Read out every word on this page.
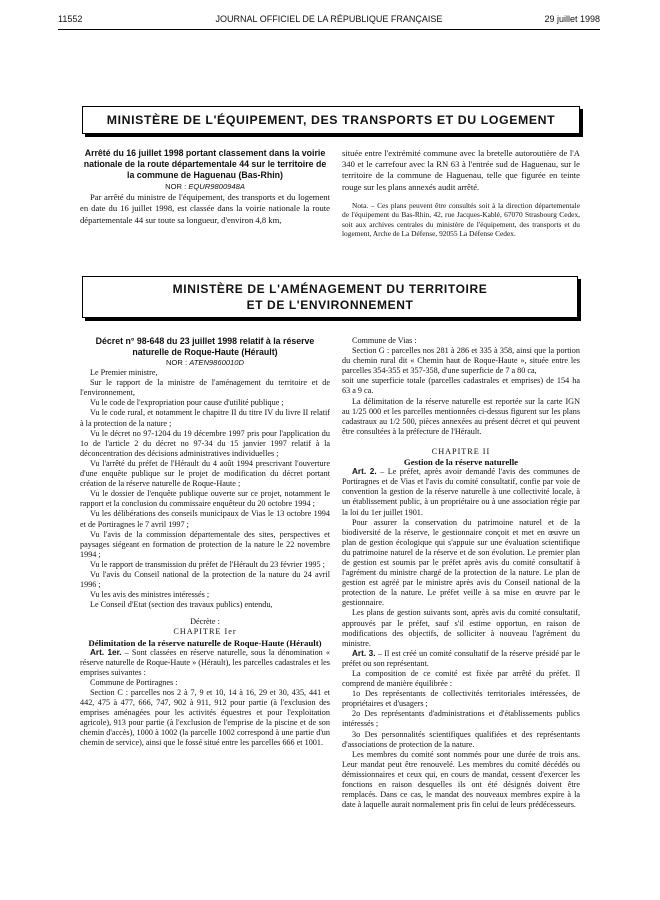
11552	JOURNAL OFFICIEL DE LA RÉPUBLIQUE FRANÇAISE	29 juillet 1998
MINISTÈRE DE L'ÉQUIPEMENT, DES TRANSPORTS ET DU LOGEMENT

Arrêté du 16 juillet 1998 portant classement dans la voirie nationale de la route départementale 44 sur le territoire de la commune de Haguenau (Bas-Rhin)

NOR : EQUR9800948A

Par arrêté du ministre de l'équipement, des transports et du logement en date du 16 juillet 1998, est classée dans la voirie nationale la route départementale 44 sur toute sa longueur, d'environ 4,8 km,

située entre l'extrémité commune avec la bretelle autoroutière de l'A 340 et le carrefour avec la RN 63 à l'entrée sud de Haguenau, sur le territoire de la commune de Haguenau, telle que figurée en teinte rouge sur les plans annexés audit arrêté.

Nota. – Ces plans peuvent être consultés soit à la direction départementale de l'équipement du Bas-Rhin, 42, rue Jacques-Kablé, 67070 Strasbourg Cedex, soit aux archives centrales du ministère de l'équipement, des transports et du logement, Arche de La Défense, 92055 La Défense Cedex.

MINISTÈRE DE L'AMÉNAGEMENT DU TERRITOIRE
ET DE L'ENVIRONNEMENT

Décret n° 98-648 du 23 juillet 1998 relatif à la réserve naturelle de Roque-Haute (Hérault)

NOR : ATEN9860010D

Le Premier ministre,

Sur le rapport de la ministre de l'aménagement du territoire et de l'environnement,

Vu le code de l'expropriation pour cause d'utilité publique ;

Vu le code rural, et notamment le chapitre II du titre IV du livre II relatif à la protection de la nature ;

Vu le décret no 97-1204 du 19 décembre 1997 pris pour l'application du 1o de l'article 2 du décret no 97-34 du 15 janvier 1997 relatif à la déconcentration des décisions administratives individuelles ;

Vu l'arrêté du préfet de l'Hérault du 4 août 1994 prescrivant l'ouverture d'une enquête publique sur le projet de modification du décret portant création de la réserve naturelle de Roque-Haute ;

Vu le dossier de l'enquête publique ouverte sur ce projet, notamment le rapport et la conclusion du commissaire enquêteur du 20 octobre 1994 ;

Vu les délibérations des conseils municipaux de Vias le 13 octobre 1994 et de Portiragnes le 7 avril 1997 ;

Vu l'avis de la commission départementale des sites, perspectives et paysages siégeant en formation de protection de la nature le 22 novembre 1994 ;

Vu le rapport de transmission du préfet de l'Hérault du 23 février 1995 ;

Vu l'avis du Conseil national de la protection de la nature du 24 avril 1996 ;

Vu les avis des ministres intéressés ;

Le Conseil d'Etat (section des travaux publics) entendu,

Décrète :

CHAPITRE Ier

Délimitation de la réserve naturelle de Roque-Haute (Hérault)

Art. 1er. – Sont classées en réserve naturelle, sous la dénomination « réserve naturelle de Roque-Haute » (Hérault), les parcelles cadastrales et les emprises suivantes :

Commune de Portiragnes :

Section C : parcelles nos 2 à 7, 9 et 10, 14 à 16, 29 et 30, 435, 441 et 442, 475 à 477, 666, 747, 902 à 911, 912 pour partie (à l'exclusion des emprises aménagées pour les activités équestres et pour l'exploitation agricole), 913 pour partie (à l'exclusion de l'emprise de la piscine et de son chemin d'accès), 1000 à 1002 (la parcelle 1002 correspond à une partie d'un chemin de service), ainsi que le fossé situé entre les parcelles 666 et 1001.

Commune de Vias :

Section G : parcelles nos 281 à 286 et 335 à 358, ainsi que la portion du chemin rural dit « Chemin haut de Roque-Haute », située entre les parcelles 354-355 et 357-358, d'une superficie de 7 a 80 ca,

soit une superficie totale (parcelles cadastrales et emprises) de 154 ha 63 a 9 ca.

La délimitation de la réserve naturelle est reportée sur la carte IGN au 1/25 000 et les parcelles mentionnées ci-dessus figurent sur les plans cadastraux au 1/2 500, pièces annexées au présent décret et qui peuvent être consultées à la préfecture de l'Hérault.

CHAPITRE II

Gestion de la réserve naturelle

Art. 2. – Le préfet, après avoir demandé l'avis des communes de Portiragnes et de Vias et l'avis du comité consultatif, confie par voie de convention la gestion de la réserve naturelle à une collectivité locale, à un établissement public, à un propriétaire ou à une association régie par la loi du 1er juillet 1901.

Pour assurer la conservation du patrimoine naturel et de la biodiversité de la réserve, le gestionnaire conçoit et met en œuvre un plan de gestion écologique qui s'appuie sur une évaluation scientifique du patrimoine naturel de la réserve et de son évolution. Le premier plan de gestion est soumis par le préfet après avis du comité consultatif à l'agrément du ministre chargé de la protection de la nature. Le plan de gestion est agréé par le ministre après avis du Conseil national de la protection de la nature. Le préfet veille à sa mise en œuvre par le gestionnaire.

Les plans de gestion suivants sont, après avis du comité consultatif, approuvés par le préfet, sauf s'il estime opportun, en raison de modifications des objectifs, de solliciter à nouveau l'agrément du ministre.

Art. 3. – Il est créé un comité consultatif de la réserve présidé par le préfet ou son représentant.

La composition de ce comité est fixée par arrêté du préfet. Il comprend de manière équilibrée :

1o Des représentants de collectivités territoriales intéressées, de propriétaires et d'usagers ;

2o Des représentants d'administrations et d'établissements publics intéressés ;

3o Des personnalités scientifiques qualifiées et des représentants d'associations de protection de la nature.

Les membres du comité sont nommés pour une durée de trois ans. Leur mandat peut être renouvelé. Les membres du comité décédés ou démissionnaires et ceux qui, en cours de mandat, cessent d'exercer les fonctions en raison desquelles ils ont été désignés doivent être remplacés. Dans ce cas, le mandat des nouveaux membres expire à la date à laquelle aurait normalement pris fin celui de leurs prédécesseurs.
